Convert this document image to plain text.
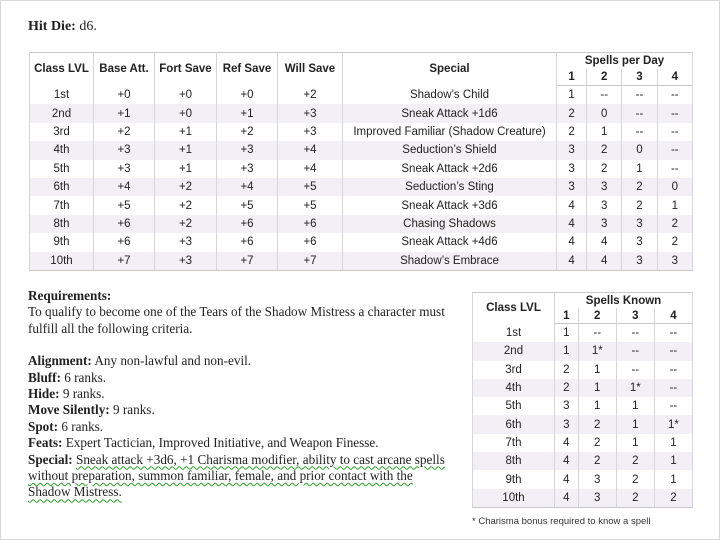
Hit Die: d6.
Class LVL	Base Att.	Fort Save	Ref Save	Will Save	Special	Spells per Day			
						1	2	3	4
1st	+0	+0	+0	+2	Shadow’s Child	1	--	--	--
2nd	+1	+0	+1	+3	Sneak Attack +1d6	2	0	--	--
3rd	+2	+1	+2	+3	Improved Familiar (Shadow Creature)	2	1	--	--
4th	+3	+1	+3	+4	Seduction’s Shield	3	2	0	--
5th	+3	+1	+3	+4	Sneak Attack +2d6	3	2	1	--
6th	+4	+2	+4	+5	Seduction’s Sting	3	3	2	0
7th	+5	+2	+5	+5	Sneak Attack +3d6	4	3	2	1
8th	+6	+2	+6	+6	Chasing Shadows	4	3	3	2
9th	+6	+3	+6	+6	Sneak Attack +4d6	4	4	3	2
10th	+7	+3	+7	+7	Shadow’s Embrace	4	4	3	3

Requirements:

To qualify to become one of the Tears of the Shadow Mistress a character must fulfill all the following criteria.

Alignment: Any non-lawful and non-evil.

Bluff: 6 ranks.

Hide: 9 ranks.

Move Silently: 9 ranks.

Spot: 6 ranks.

Feats: Expert Tactician, Improved Initiative, and Weapon Finesse.

Special: Sneak attack +3d6, +1 Charisma modifier, ability to cast arcane spells without preparation, summon familiar, female, and prior contact with the Shadow Mistress.

Class LVL	Spells Known			
	1	2	3	4
1st	1	--	--	--
2nd	1	1*	--	--
3rd	2	1	--	--
4th	2	1	1*	--
5th	3	1	1	--
6th	3	2	1	1*
7th	4	2	1	1
8th	4	2	2	1
9th	4	3	2	1
10th	4	3	2	2
* Charisma bonus required to know a spell
